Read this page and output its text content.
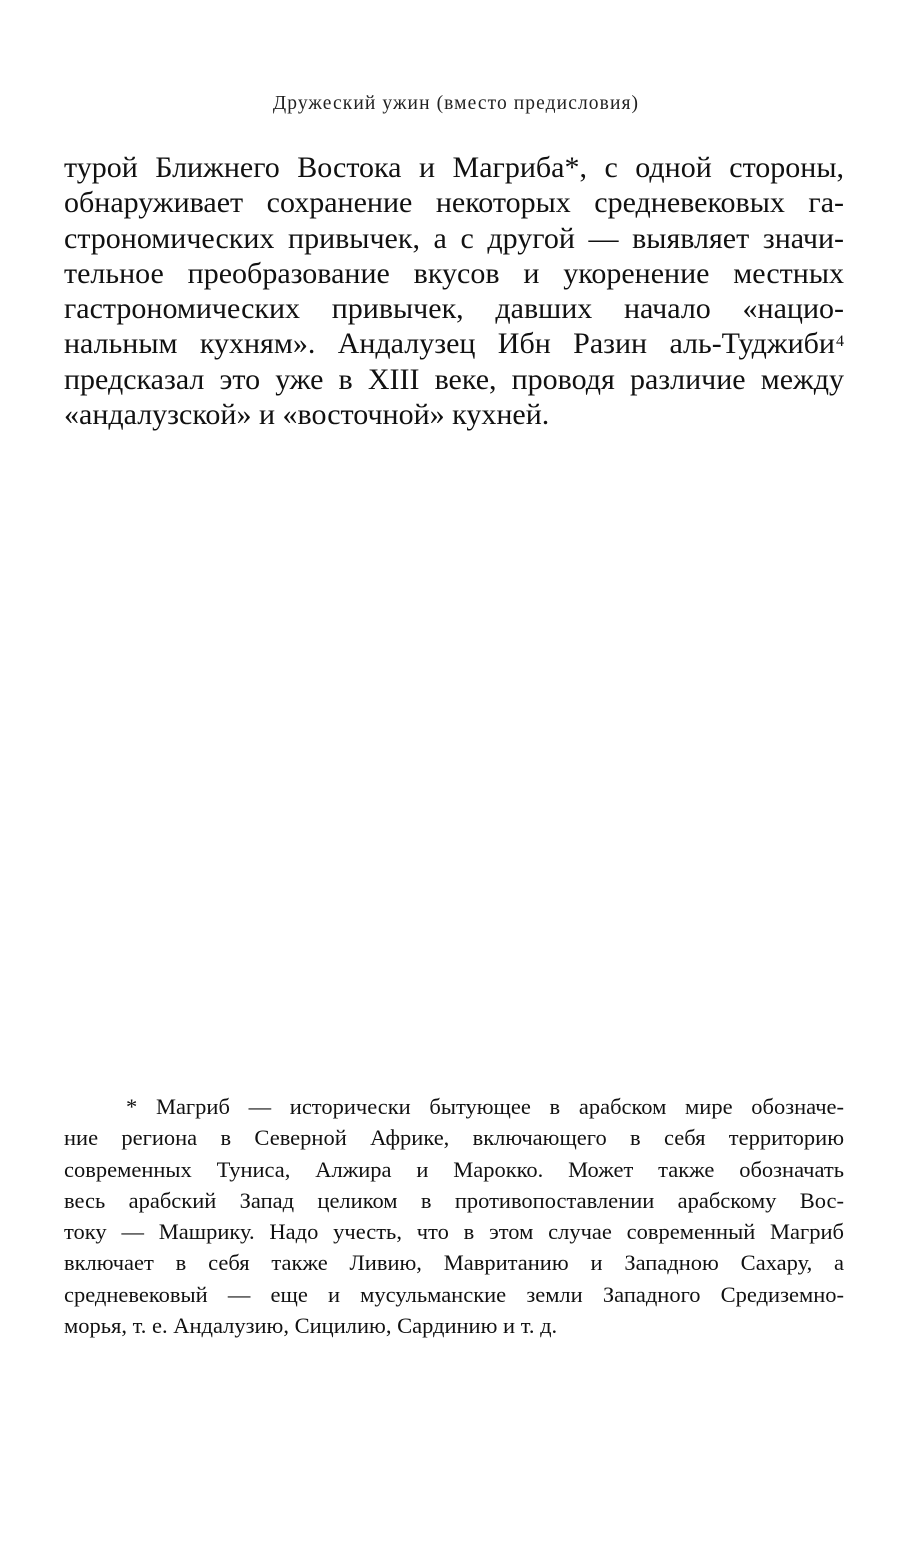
Дружеский ужин (вместо предисловия)
турой Ближнего Востока и Магриба*, с одной стороны,
обнаруживает сохранение некоторых средневековых га-
строномических привычек, а с другой — выявляет значи-
тельное преобразование вкусов и укоренение местных
гастрономических привычек, давших начало «нацио-
нальным кухням». Андалузец Ибн Разин аль-Туджиби$^4$
предсказал это уже в XIII веке, проводя различие между
«андалузской» и «восточной» кухней.
* Магриб — исторически бытующее в арабском мире обозначе-
ние региона в Северной Африке, включающего в себя территорию
современных Туниса, Алжира и Марокко. Может также обозначать
весь арабский Запад целиком в противопоставлении арабскому Вос-
току — Машрику. Надо учесть, что в этом случае современный Магриб
включает в себя также Ливию, Мавританию и Западною Сахару, а
средневековый — еще и мусульманские земли Западного Средиземно-
морья, т. е. Андалузию, Сицилию, Сардинию и т. д.
